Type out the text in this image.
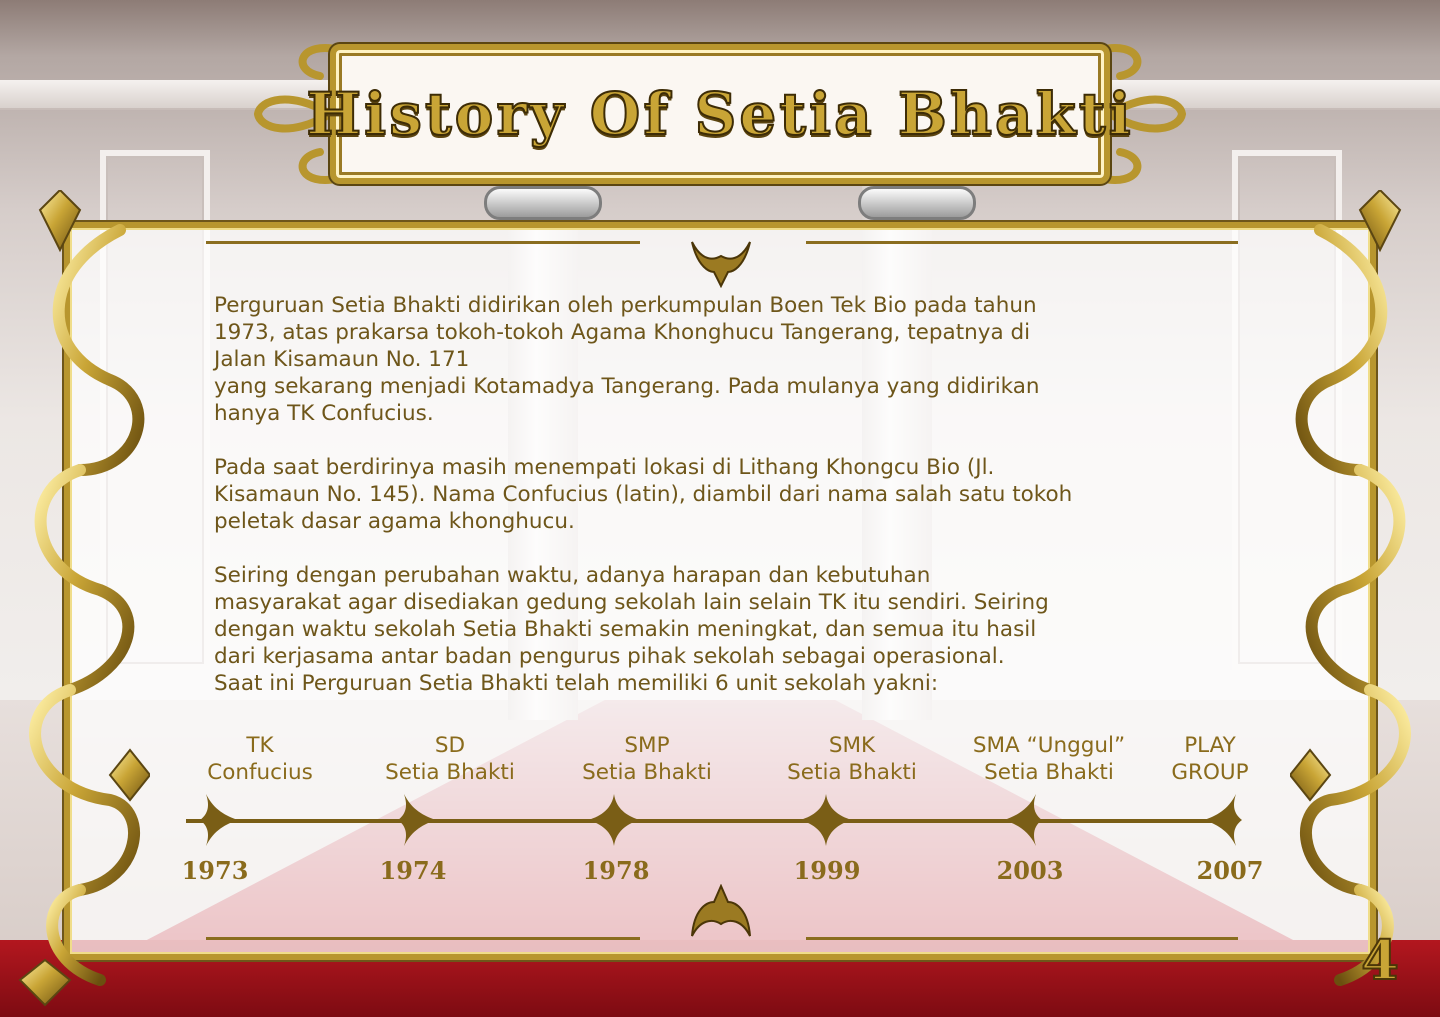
History Of Setia Bhakti

Perguruan Setia Bhakti didirikan oleh perkumpulan Boen Tek Bio pada tahun
1973, atas prakarsa tokoh-tokoh Agama Khonghucu Tangerang, tepatnya di
Jalan Kisamaun No. 171
yang sekarang menjadi Kotamadya Tangerang. Pada mulanya yang didirikan
hanya TK Confucius.

Pada saat berdirinya masih menempati lokasi di Lithang Khongcu Bio (Jl.
Kisamaun No. 145). Nama Confucius (latin), diambil dari nama salah satu tokoh
peletak dasar agama khonghucu.

Seiring dengan perubahan waktu, adanya harapan dan kebutuhan
masyarakat agar disediakan gedung sekolah lain selain TK itu sendiri. Seiring
dengan waktu sekolah Setia Bhakti semakin meningkat, dan semua itu hasil
dari kerjasama antar badan pengurus pihak sekolah sebagai operasional.
Saat ini Perguruan Setia Bhakti telah memiliki 6 unit sekolah yakni:

TK
Confucius
SD
Setia Bhakti
SMP
Setia Bhakti
SMK
Setia Bhakti
SMA “Unggul”
Setia Bhakti
PLAY
GROUP
1973	1974	1978	1999	2003	2007
4
